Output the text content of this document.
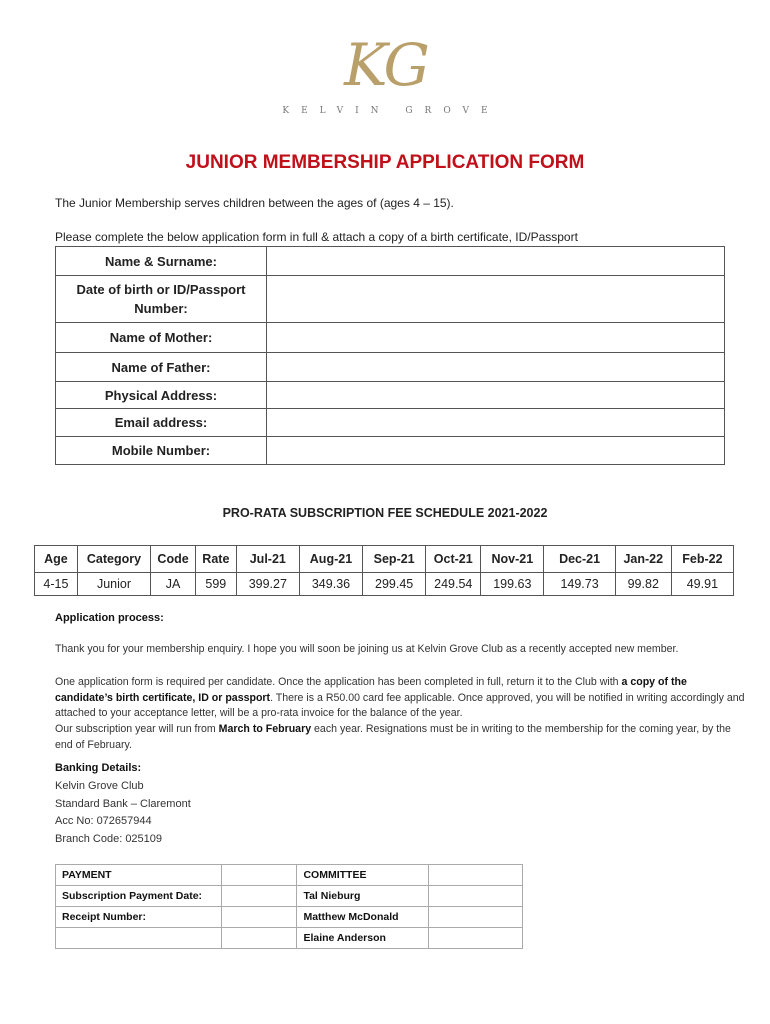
KG
KELVIN GROVE
JUNIOR MEMBERSHIP APPLICATION FORM
The Junior Membership serves children between the ages of (ages 4 – 15).
Please complete the below application form in full & attach a copy of a birth certificate, ID/Passport
Name & Surname:	
Date of birth or ID/Passport Number:	
Name of Mother:	
Name of Father:	
Physical Address:	
Email address:	
Mobile Number:	
PRO-RATA SUBSCRIPTION FEE SCHEDULE 2021-2022
Age	Category	Code	Rate	Jul-21	Aug-21	Sep-21	Oct-21	Nov-21	Dec-21	Jan-22	Feb-22
4-15	Junior	JA	599	399.27	349.36	299.45	249.54	199.63	149.73	99.82	49.91
Application process:
Thank you for your membership enquiry. I hope you will soon be joining us at Kelvin Grove Club as a recently accepted new member.
One application form is required per candidate. Once the application has been completed in full, return it to the Club with a copy of the candidate’s birth certificate, ID or passport. There is a R50.00 card fee applicable. Once approved, you will be notified in writing accordingly and attached to your acceptance letter, will be a pro-rata invoice for the balance of the year.
Our subscription year will run from March to February each year. Resignations must be in writing to the membership for the coming year, by the end of February.
Banking Details:
Kelvin Grove Club
Standard Bank – Claremont
Acc No: 072657944
Branch Code: 025109
PAYMENT		COMMITTEE	
Subscription Payment Date:		Tal Nieburg	
Receipt Number:		Matthew McDonald	
		Elaine Anderson	
